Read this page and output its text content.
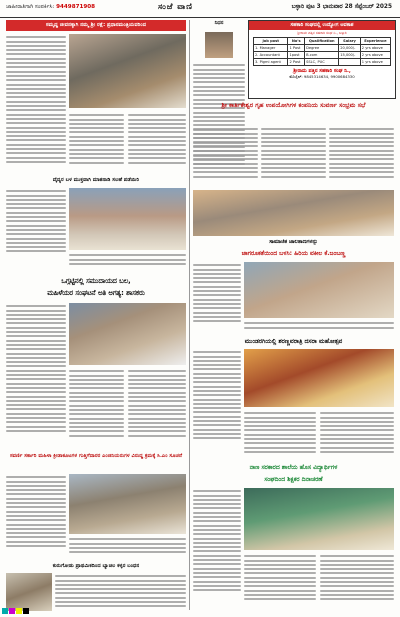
ಜಾಹೀರಾತಿಗಾಗಿ ಸಂಪರ್ಕಿಸಿ: 9449871908	ಸಂಜೆ ವಾಣಿ	ಬಳ್ಳಾರಿ ಪುಟ 3 ಭಾನುವಾರ 28 ಸೆಪ್ಟೆಂಬರ್ 2025
ಸಮೃದ್ಧ ಜೀವನಕ್ಕಾಗಿ ನಮ್ಮ ಶ್ರೀ ರಕ್ಷೆ: ಪ್ರಧಾನಮಂತ್ರಿಯವರಿಂದ
ವೈದ್ಯರ ಬಳ ಮುಕ್ತವಾಗಿ ಮಾತನಾಡಿ ಸಲಹೆ ಪಡೆಯಿರಿ
ಒಗ್ಗಟ್ಟಿನಲ್ಲಿ ಸಮುದಾಯದ ಬಲ,
ಮಹಿಳೆಯರ ಸಂಘಟನೆ ಅತಿ ಅಗತ್ಯ: ಶಾಸಕರು
ಸವರ್ಣಿ ಸರ್ಕಾರಿ ಮಹಿಳಾ ಕ್ರೀಡಾಕೂಟಗಳ ಗುತ್ತಿಗೆದಾರರ ಎಂಜಿನಿಯರುಗಳ ವಿರುದ್ಧ ಕ್ರಮಕ್ಕೆ ಸಿ.ಎಂ ಸೂಚನೆ
ಕುರುಗೋಡು ಪ್ರಾಥಮಿಕದಿಂದ ಬ್ಯಾಚಿಲ ಕಳ್ಳರ ಬಂಧನ
ನಿಧನ	ಸಹಕಾರಿ ಸಂಘದಲ್ಲಿ ಉದ್ಯೋಗ ಅವಕಾಶ
ಶ್ರೀರಾಮ ಪತ್ತಿನ ಸಹಕಾರಿ ಸಂಘ ನಿ., ಬಳ್ಳಾರಿ
Job post	No's	Qualification	Salary	Experience
1. Manager	1 Post	Degree	20,000/-	2 yrs above
2. Accountant	1post	B.com	15,000/-	2 yrs above
3. Pigmi agent	2 Post	SSLC, PUC		1 yrs above
ಶ್ರೀರಾಮ ಪತ್ತಿನ ಸಹಕಾರಿ ಸಂಘ ನಿ.,
ಮೊಬೈಲ್: 9845314634, 9900684330
ಶ್ರೀ ಕಾರ್ತಿಕೇಶ್ವರ ಗೃಹ ಉಪಯೋಗಿಗಳ ಕಂಪನಿಯ ಸುವರ್ಣ ಸಂಭ್ರಮ ಸಭೆ
ಸಾಮಾಜಿಕ ಜಾಲತಾಣಗಳನ್ನು
ಜಾಗರೂಕತೆಯಿಂದ ಬಳಸಿ: ಹಿರಿಯ ವಕೀಲ ಕೆ.ಜಂಬಣ್ಣ
ಮುಂಡರಗಿಯಲ್ಲಿ ಶರಣ್ಣವರಾತ್ರಿ ದಸರಾ ಮಹೋತ್ಸವ
ನಾಣ ಸರಕಾರದ ಶಾಲೆಯ ಹೊಸ ವಿದ್ಯಾರ್ಥಿಗಳ
ಸಂಘದಿಂದ ಶಿಕ್ಷಕರ ದಿನಾಚರಣೆ
